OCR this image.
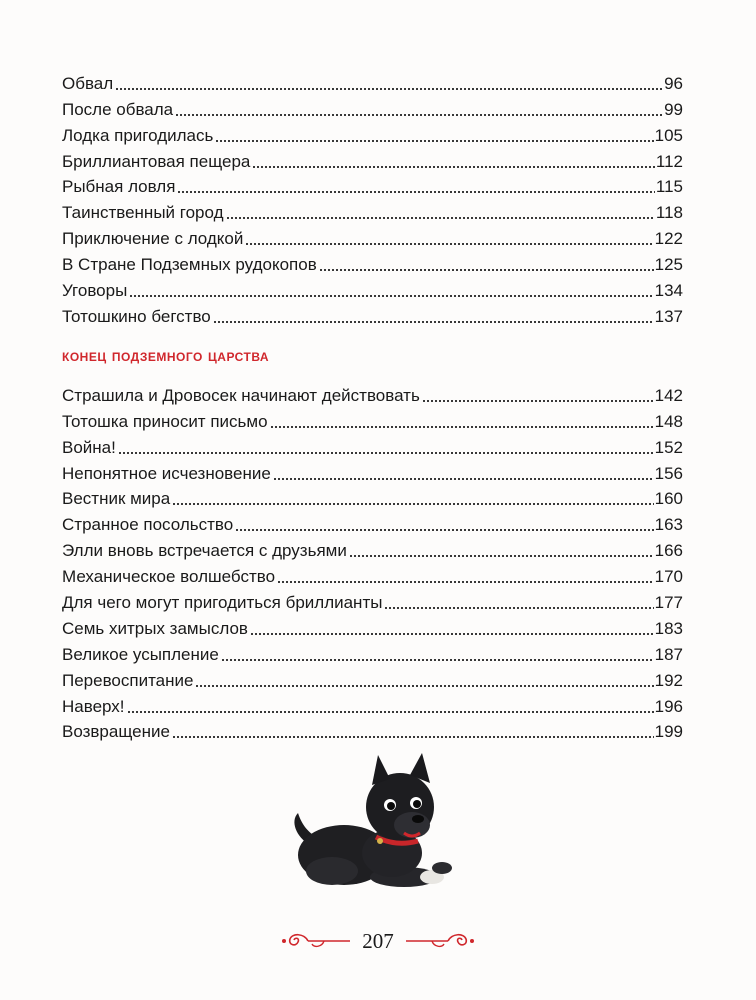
Обвал	96
После обвала	99
Лодка пригодилась	105
Бриллиантовая пещера	112
Рыбная ловля	115
Таинственный город	118
Приключение с лодкой	122
В Стране Подземных рудокопов	125
Уговоры	134
Тотошкино бегство	137
конец подземного царства
Страшила и Дровосек начинают действовать	142
Тотошка приносит письмо	148
Война!	152
Непонятное исчезновение	156
Вестник мира	160
Странное посольство	163
Элли вновь встречается с друзьями	166
Механическое волшебство	170
Для чего могут пригодиться бриллианты	177
Семь хитрых замыслов	183
Великое усыпление	187
Перевоспитание	192
Наверх!	196
Возвращение	199
207
